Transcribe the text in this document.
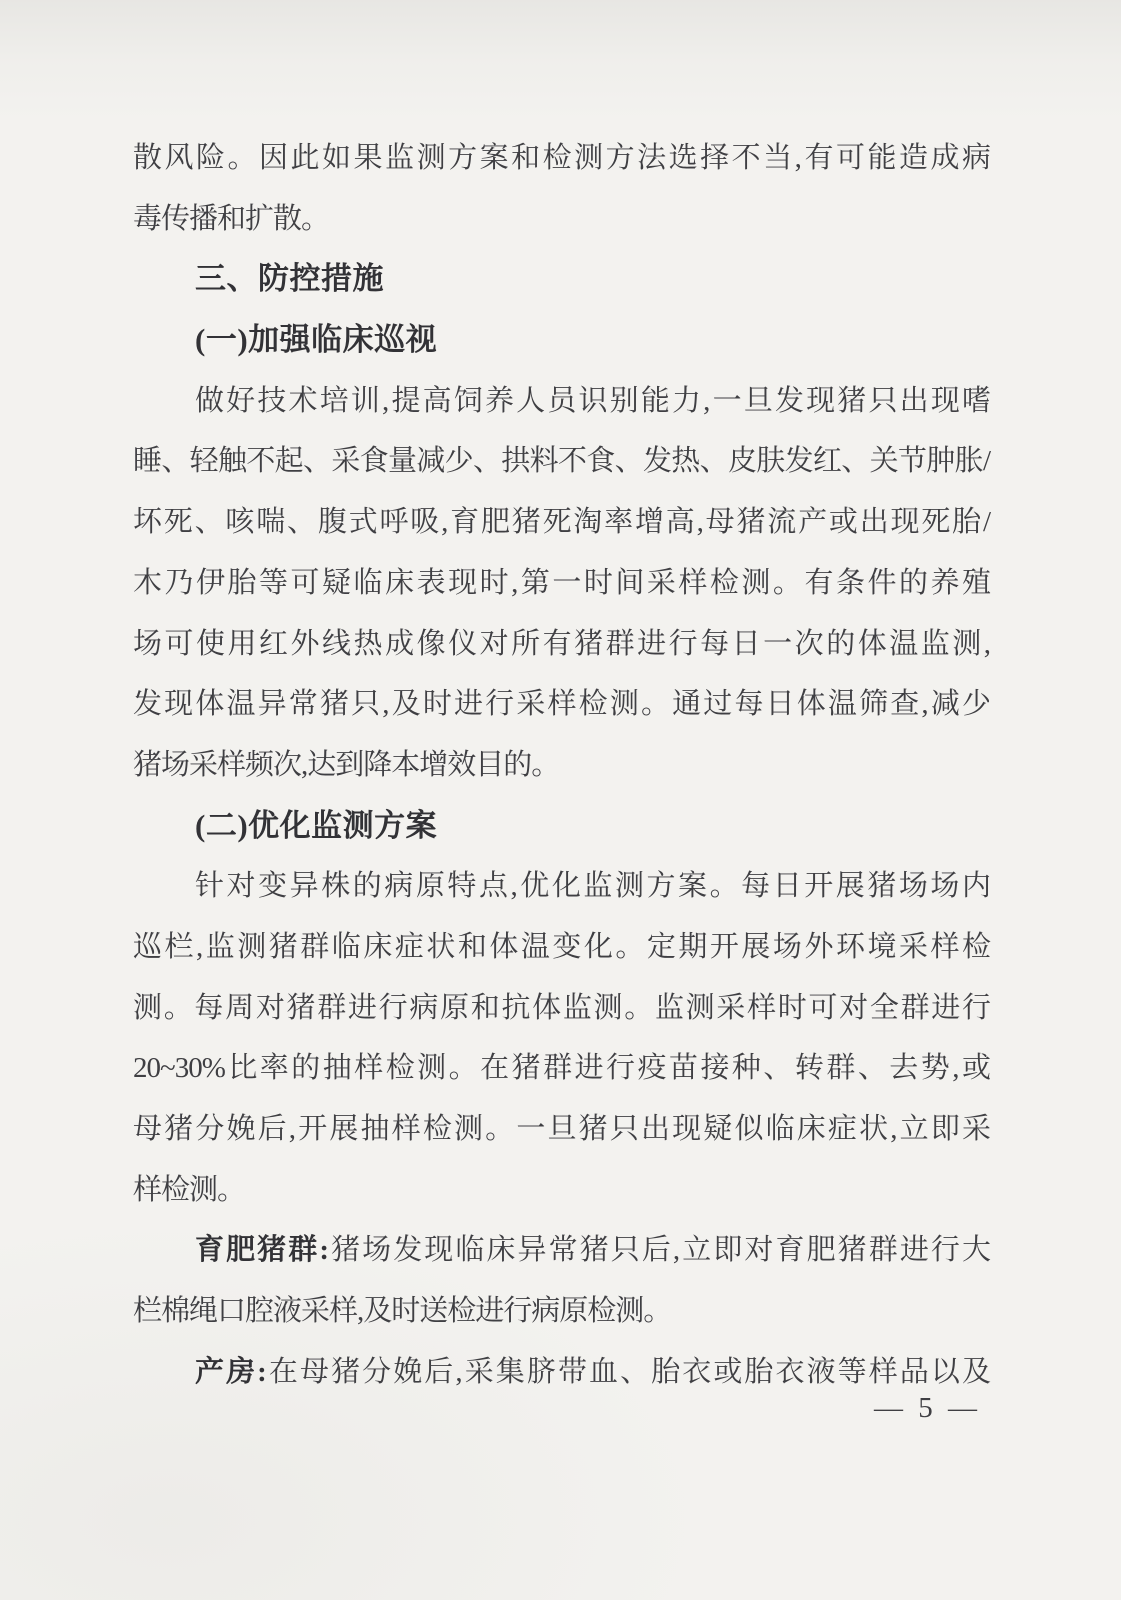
散风险。因此如果监测方案和检测方法选择不当,有可能造成病
毒传播和扩散。
三、防控措施
(一)加强临床巡视
做好技术培训,提高饲养人员识别能力,一旦发现猪只出现嗜
睡、轻触不起、采食量减少、拱料不食、发热、皮肤发红、关节肿胀/
坏死、咳喘、腹式呼吸,育肥猪死淘率增高,母猪流产或出现死胎/
木乃伊胎等可疑临床表现时,第一时间采样检测。有条件的养殖
场可使用红外线热成像仪对所有猪群进行每日一次的体温监测,
发现体温异常猪只,及时进行采样检测。通过每日体温筛查,减少
猪场采样频次,达到降本增效目的。
(二)优化监测方案
针对变异株的病原特点,优化监测方案。每日开展猪场场内
巡栏,监测猪群临床症状和体温变化。定期开展场外环境采样检
测。每周对猪群进行病原和抗体监测。监测采样时可对全群进行
20~30%比率的抽样检测。在猪群进行疫苗接种、转群、去势,或
母猪分娩后,开展抽样检测。一旦猪只出现疑似临床症状,立即采
样检测。
育肥猪群:猪场发现临床异常猪只后,立即对育肥猪群进行大
栏棉绳口腔液采样,及时送检进行病原检测。
产房:在母猪分娩后,采集脐带血、胎衣或胎衣液等样品以及
— 5 —
